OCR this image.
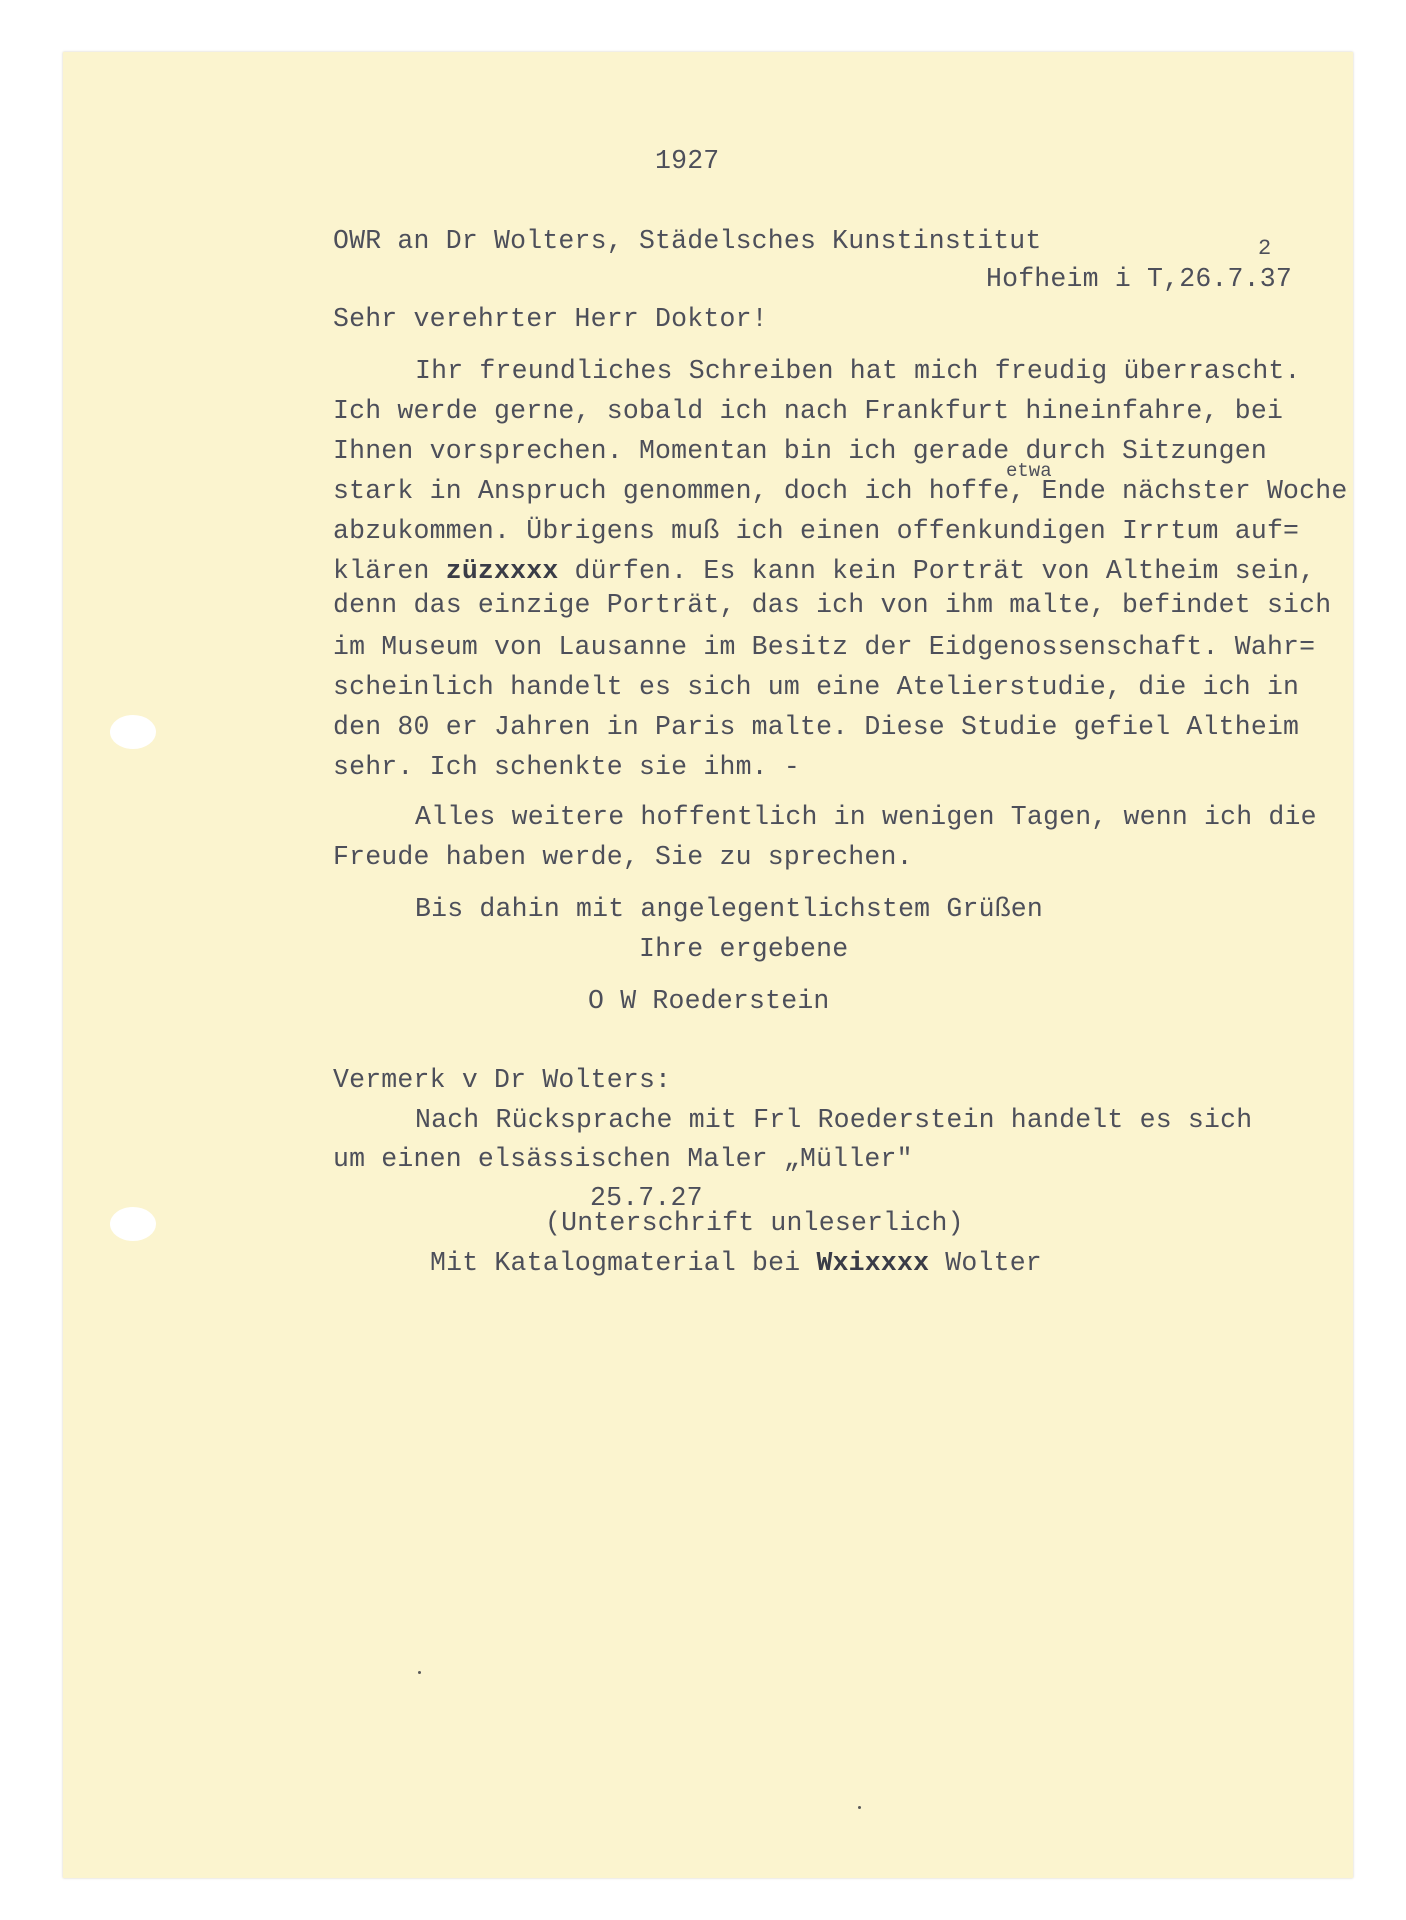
1927
OWR an Dr Wolters, Städelsches Kunstinstitut	2
Hofheim i T,26.7.37
Sehr verehrter Herr Doktor!
Ihr freundliches Schreiben hat mich freudig überrascht.
Ich werde gerne, sobald ich nach Frankfurt hineinfahre, bei
Ihnen vorsprechen. Momentan bin ich gerade durch Sitzungen
etwa
stark in Anspruch genommen, doch ich hoffe, Ende nächster Woche
abzukommen. Übrigens muß ich einen offenkundigen Irrtum auf=
klären züzxxxx dürfen. Es kann kein Porträt von Altheim sein,
denn das einzige Porträt, das ich von ihm malte, befindet sich
im Museum von Lausanne im Besitz der Eidgenossenschaft. Wahr=
scheinlich handelt es sich um eine Atelierstudie, die ich in
den 80 er Jahren in Paris malte. Diese Studie gefiel Altheim
sehr. Ich schenkte sie ihm. -
Alles weitere hoffentlich in wenigen Tagen, wenn ich die
Freude haben werde, Sie zu sprechen.
Bis dahin mit angelegentlichstem Grüßen
Ihre ergebene
O W Roederstein
Vermerk v Dr Wolters:
Nach Rücksprache mit Frl Roederstein handelt es sich
um einen elsässischen Maler „Müller"
25.7.27
(Unterschrift unleserlich)
Mit Katalogmaterial bei Wxixxxx Wolter
